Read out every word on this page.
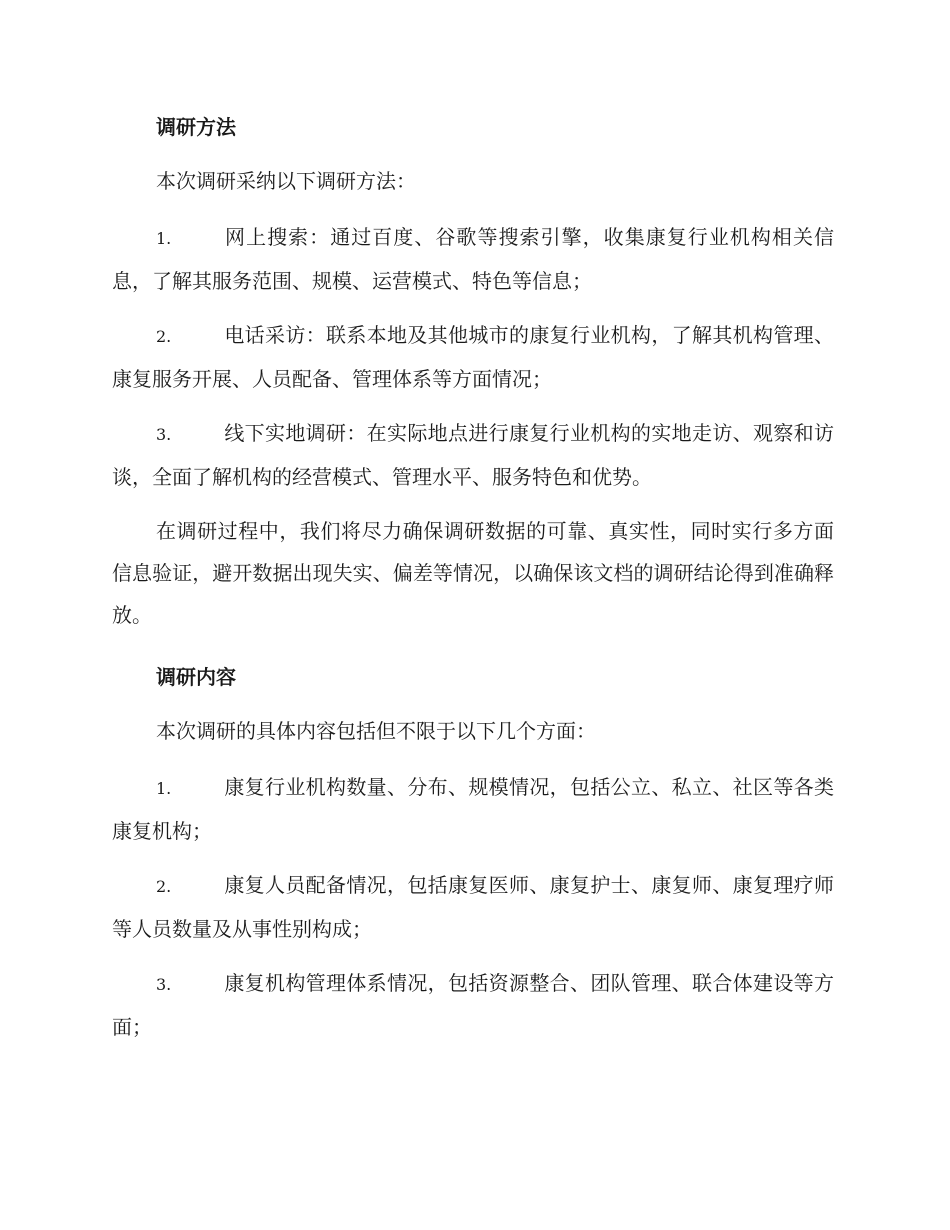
调研方法

本次调研采纳以下调研方法：

1.	网上搜索：通过百度、谷歌等搜索引擎，收集康复行业机构相关信息，了解其服务范围、规模、运营模式、特色等信息；

2.	电话采访：联系本地及其他城市的康复行业机构，了解其机构管理、康复服务开展、人员配备、管理体系等方面情况；

3.	线下实地调研：在实际地点进行康复行业机构的实地走访、观察和访谈，全面了解机构的经营模式、管理水平、服务特色和优势。

在调研过程中，我们将尽力确保调研数据的可靠、真实性，同时实行多方面信息验证，避开数据出现失实、偏差等情况，以确保该文档的调研结论得到准确释放。

调研内容

本次调研的具体内容包括但不限于以下几个方面：

1.	康复行业机构数量、分布、规模情况，包括公立、私立、社区等各类康复机构；

2.	康复人员配备情况，包括康复医师、康复护士、康复师、康复理疗师等人员数量及从事性别构成；

3.	康复机构管理体系情况，包括资源整合、团队管理、联合体建设等方面；
